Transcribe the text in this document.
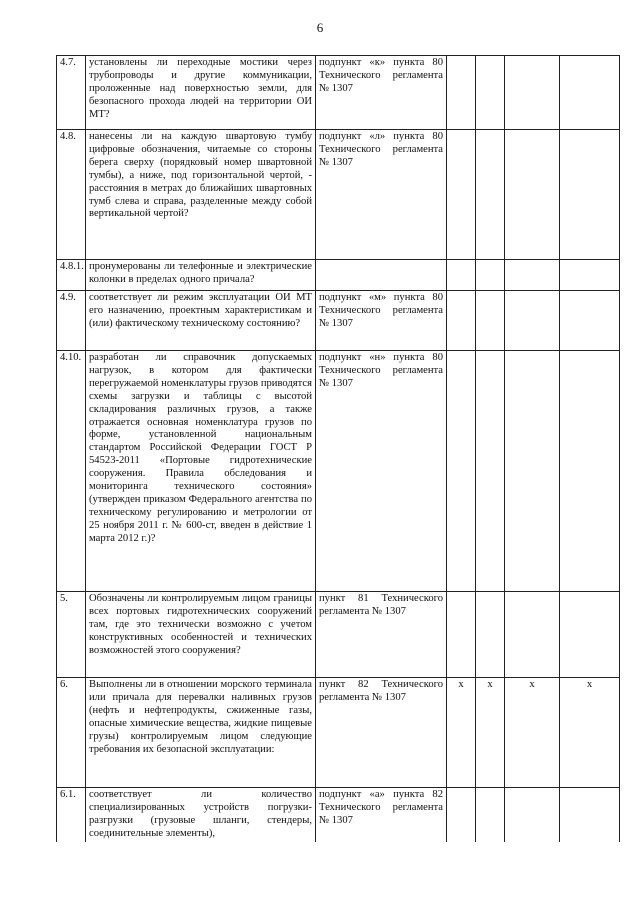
6
4.7.	установлены ли переходные мостики через трубопроводы и другие коммуникации, проложенные над поверхностью земли, для безопасного прохода людей на территории ОИ МТ?	подпункт «к» пункта 80 Технического регламента № 1307				
4.8.	нанесены ли на каждую швартовую тумбу цифровые обозначения, читаемые со стороны берега сверху (порядковый номер швартовной тумбы), а ниже, под горизонтальной чертой, - расстояния в метрах до ближайших швартовных тумб слева и справа, разделенные между собой вертикальной чертой?	подпункт «л» пункта 80 Технического регламента № 1307				
4.8.1.	пронумерованы ли телефонные и электрические колонки в пределах одного причала?					
4.9.	соответствует ли режим эксплуатации ОИ МТ его назначению, проектным характеристикам и (или) фактическому техническому состоянию?	подпункт «м» пункта 80 Технического регламента № 1307				
4.10.	разработан ли справочник допускаемых нагрузок, в котором для фактически перегружаемой номенклатуры грузов приводятся схемы загрузки и таблицы с высотой складирования различных грузов, а также отражается основная номенклатура грузов по форме, установленной национальным стандартом Российской Федерации ГОСТ Р 54523-2011 «Портовые гидротехнические сооружения. Правила обследования и мониторинга технического состояния» (утвержден приказом Федерального агентства по техническому регулированию и метрологии от 25 ноября 2011 г. № 600-ст, введен в действие 1 марта 2012 г.)?	подпункт «н» пункта 80 Технического регламента № 1307				
5.	Обозначены ли контролируемым лицом границы всех портовых гидротехнических сооружений там, где это технически возможно с учетом конструктивных особенностей и технических возможностей этого сооружения?	пункт 81 Технического регламента № 1307				
6.	Выполнены ли в отношении морского терминала или причала для перевалки наливных грузов (нефть и нефтепродукты, сжиженные газы, опасные химические вещества, жидкие пищевые грузы) контролируемым лицом следующие требования их безопасной эксплуатации:	пункт 82 Технического регламента № 1307	x	x	x	x
6.1.	соответствует ли количество специализированных устройств погрузки-разгрузки (грузовые шланги, стендеры, соединительные элементы),	подпункт «а» пункта 82 Технического регламента № 1307				
